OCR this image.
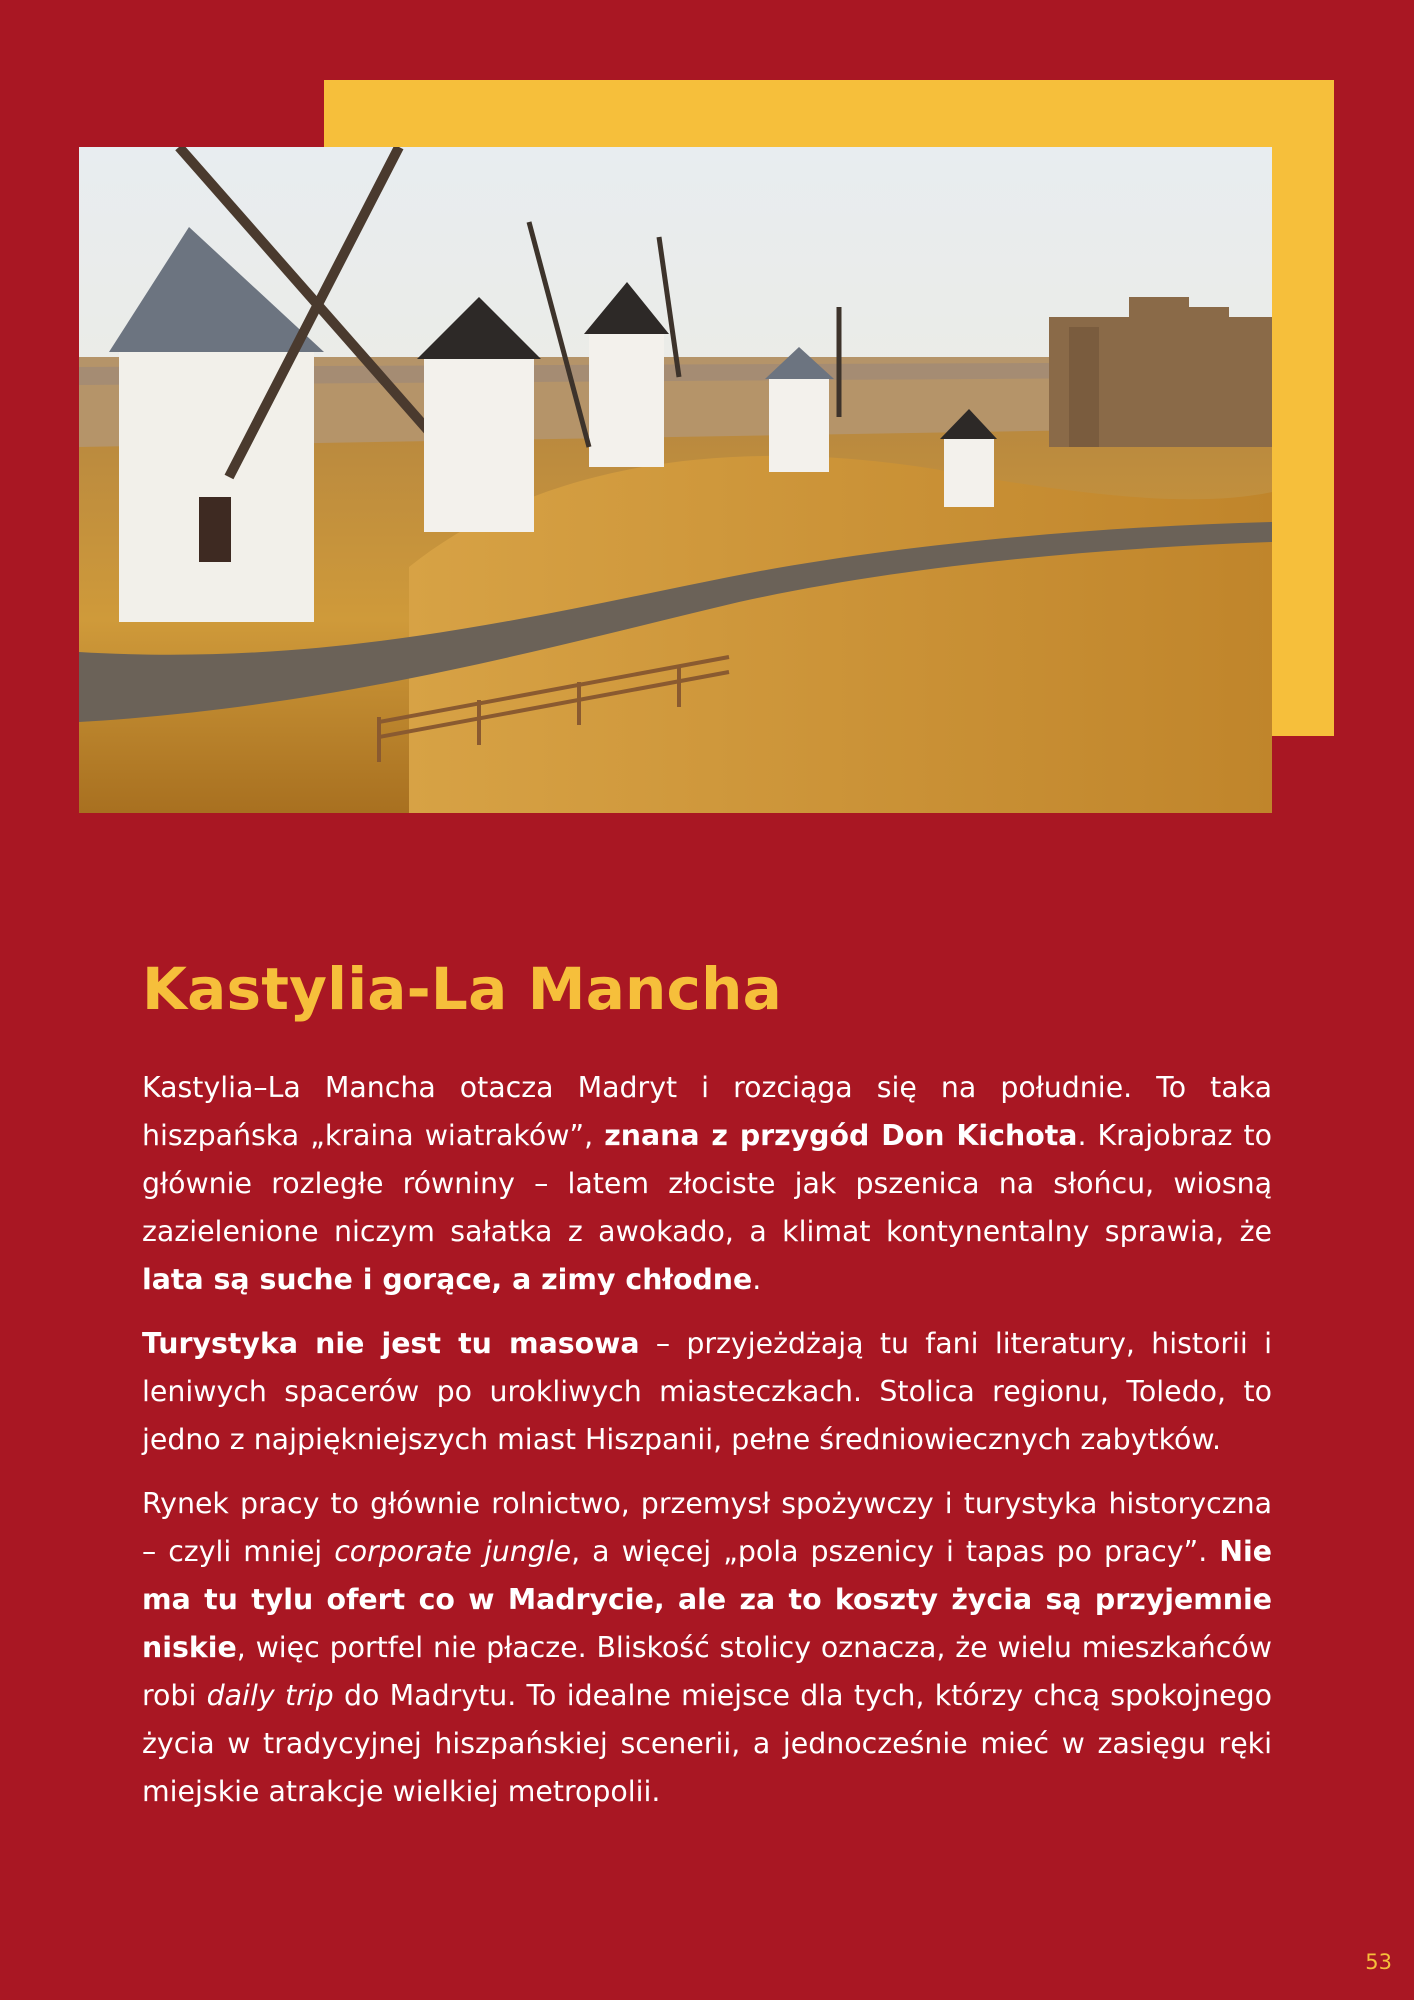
Kastylia-La Mancha

Kastylia–La Mancha otacza Madryt i rozciąga się na południe. To taka hiszpańska „kraina wiatraków”, znana z przygód Don Kichota. Krajobraz to głównie rozległe równiny – latem złociste jak pszenica na słońcu, wiosną zazielenione niczym sałatka z awokado, a klimat kontynentalny sprawia, że lata są suche i gorące, a zimy chłodne.

Turystyka nie jest tu masowa – przyjeżdżają tu fani literatury, historii i leniwych spacerów po urokliwych miasteczkach. Stolica regionu, Toledo, to jedno z najpiękniejszych miast Hiszpanii, pełne średniowiecznych zabytków.

Rynek pracy to głównie rolnictwo, przemysł spożywczy i turystyka historyczna – czyli mniej corporate jungle, a więcej „pola pszenicy i tapas po pracy”. Nie ma tu tylu ofert co w Madrycie, ale za to koszty życia są przyjemnie niskie, więc portfel nie płacze. Bliskość stolicy oznacza, że wielu mieszkańców robi daily trip do Madrytu. To idealne miejsce dla tych, którzy chcą spokojnego życia w tradycyjnej hiszpańskiej scenerii, a jednocześnie mieć w zasięgu ręki miejskie atrakcje wielkiej metropolii.

53
